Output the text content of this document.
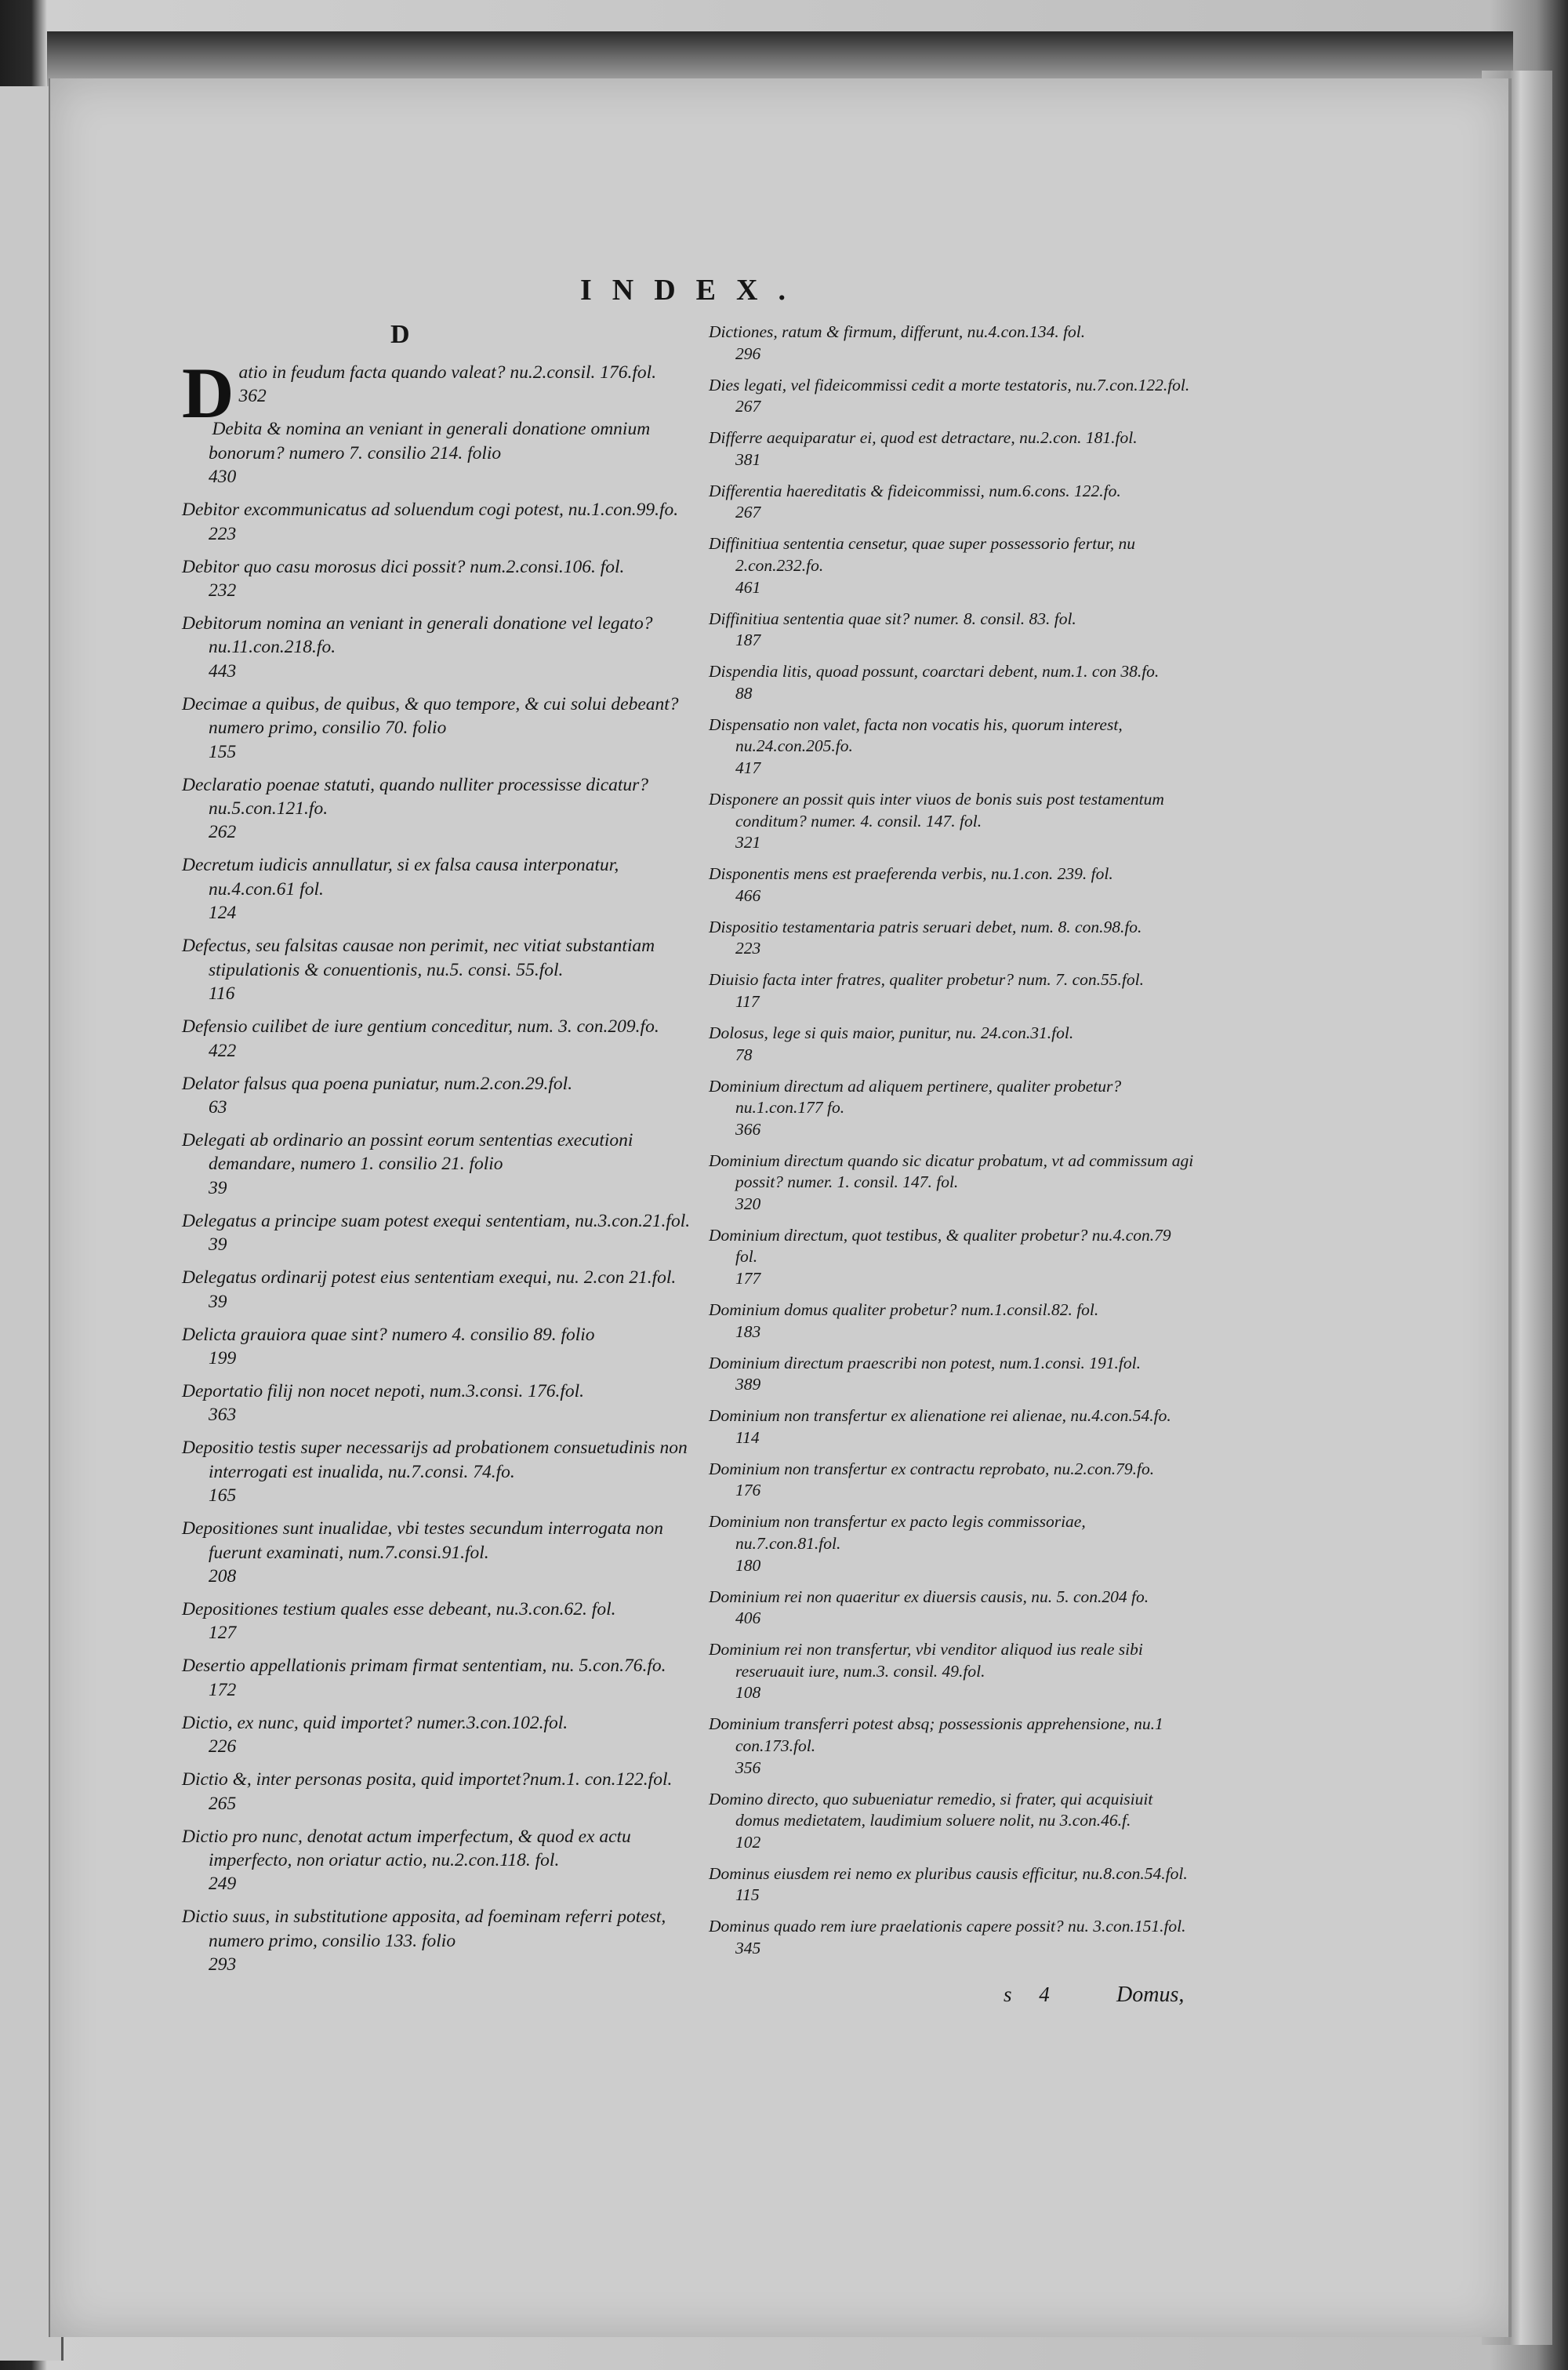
INDEX.
D
Datio in feudum facta quando valeat? nu.2.consil. 176.fol.
362
Debita & nomina an veniant in generali donatione omnium bonorum? numero 7. consilio 214. folio
430
Debitor excommunicatus ad soluendum cogi potest, nu.1.con.99.fo.
223
Debitor quo casu morosus dici possit? num.2.consi.106. fol.
232
Debitorum nomina an veniant in generali donatione vel legato?nu.11.con.218.fo.
443
Decimae a quibus, de quibus, & quo tempore, & cui solui debeant? numero primo, consilio 70. folio
155
Declaratio poenae statuti, quando nulliter processisse dicatur?nu.5.con.121.fo.
262
Decretum iudicis annullatur, si ex falsa causa interponatur, nu.4.con.61 fol.
124
Defectus, seu falsitas causae non perimit, nec vitiat substantiam stipulationis & conuentionis, nu.5. consi. 55.fol.
116
Defensio cuilibet de iure gentium conceditur, num. 3. con.209.fo.
422
Delator falsus qua poena puniatur, num.2.con.29.fol.
63
Delegati ab ordinario an possint eorum sententias executioni demandare, numero 1. consilio 21. folio
39
Delegatus a principe suam potest exequi sententiam, nu.3.con.21.fol.
39
Delegatus ordinarij potest eius sententiam exequi, nu. 2.con 21.fol.
39
Delicta grauiora quae sint? numero 4. consilio 89. folio
199
Deportatio filij non nocet nepoti, num.3.consi. 176.fol.
363
Depositio testis super necessarijs ad probationem consuetudinis non interrogati est inualida, nu.7.consi. 74.fo.
165
Depositiones sunt inualidae, vbi testes secundum interrogata non fuerunt examinati, num.7.consi.91.fol.
208
Depositiones testium quales esse debeant, nu.3.con.62. fol.
127
Desertio appellationis primam firmat sententiam, nu. 5.con.76.fo.
172
Dictio, ex nunc, quid importet? numer.3.con.102.fol.
226
Dictio &, inter personas posita, quid importet?num.1. con.122.fol.
265
Dictio pro nunc, denotat actum imperfectum, & quod ex actu imperfecto, non oriatur actio, nu.2.con.118. fol.
249
Dictio suus, in substitutione apposita, ad foeminam referri potest, numero primo, consilio 133. folio
293
Dictiones, ratum & firmum, differunt, nu.4.con.134. fol.
296
Dies legati, vel fideicommissi cedit a morte testatoris, nu.7.con.122.fol.
267
Differre aequiparatur ei, quod est detractare, nu.2.con. 181.fol.
381
Differentia haereditatis & fideicommissi, num.6.cons. 122.fo.
267
Diffinitiua sententia censetur, quae super possessorio fertur, nu 2.con.232.fo.
461
Diffinitiua sententia quae sit? numer. 8. consil. 83. fol.
187
Dispendia litis, quoad possunt, coarctari debent, num.1. con 38.fo.
88
Dispensatio non valet, facta non vocatis his, quorum interest, nu.24.con.205.fo.
417
Disponere an possit quis inter viuos de bonis suis post testamentum conditum? numer. 4. consil. 147. fol.
321
Disponentis mens est praeferenda verbis, nu.1.con. 239. fol.
466
Dispositio testamentaria patris seruari debet, num. 8. con.98.fo.
223
Diuisio facta inter fratres, qualiter probetur? num. 7. con.55.fol.
117
Dolosus, lege si quis maior, punitur, nu. 24.con.31.fol.
78
Dominium directum ad aliquem pertinere, qualiter probetur? nu.1.con.177 fo.
366
Dominium directum quando sic dicatur probatum, vt ad commissum agi possit? numer. 1. consil. 147. fol.
320
Dominium directum, quot testibus, & qualiter probetur? nu.4.con.79 fol.
177
Dominium domus qualiter probetur? num.1.consil.82. fol.
183
Dominium directum praescribi non potest, num.1.consi. 191.fol.
389
Dominium non transfertur ex alienatione rei alienae, nu.4.con.54.fo.
114
Dominium non transfertur ex contractu reprobato, nu.2.con.79.fo.
176
Dominium non transfertur ex pacto legis commissoriae, nu.7.con.81.fol.
180
Dominium rei non quaeritur ex diuersis causis, nu. 5. con.204 fo.
406
Dominium rei non transfertur, vbi venditor aliquod ius reale sibi reseruauit iure, num.3. consil. 49.fol.
108
Dominium transferri potest absq; possessionis apprehensione, nu.1 con.173.fol.
356
Domino directo, quo subueniatur remedio, si frater, qui acquisiuit domus medietatem, laudimium soluere nolit, nu 3.con.46.f.
102
Dominus eiusdem rei nemo ex pluribus causis efficitur, nu.8.con.54.fol.
115
Dominus quado rem iure praelationis capere possit? nu. 3.con.151.fol.
345
s 4	Domus,
